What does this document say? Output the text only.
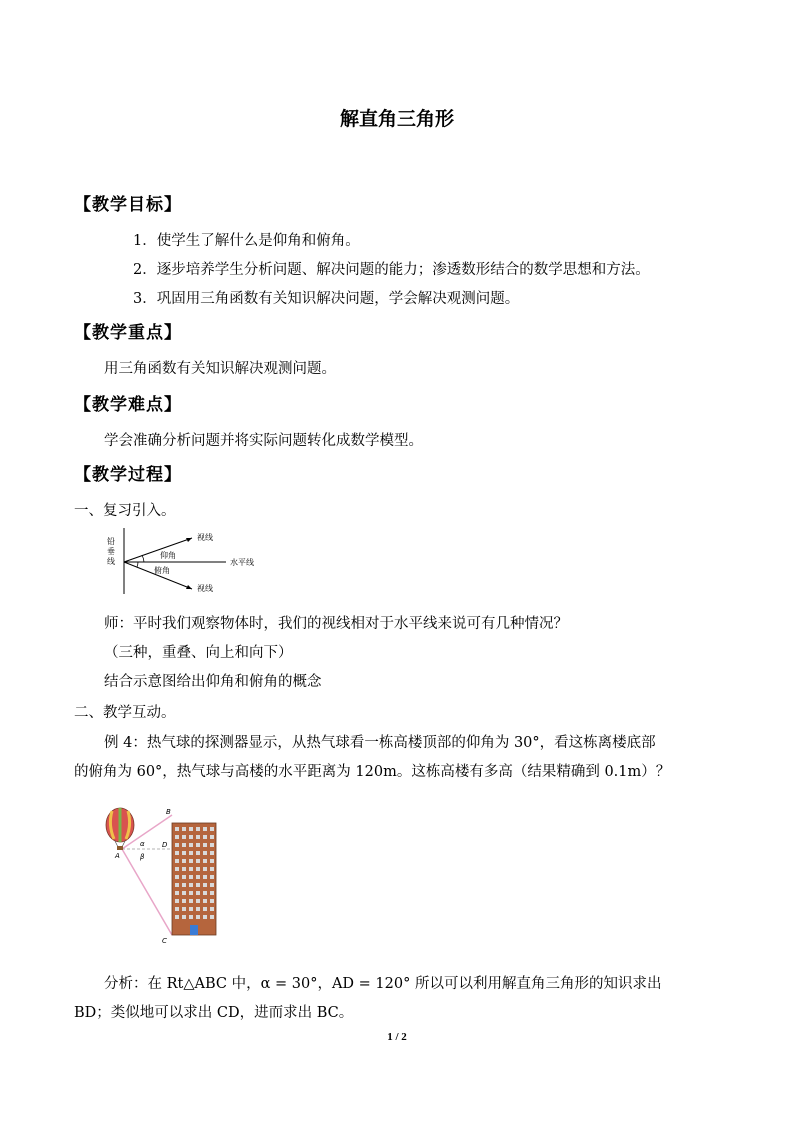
解直角三角形
【教学目标】
1．使学生了解什么是仰角和俯角。
2．逐步培养学生分析问题、解决问题的能力；渗透数形结合的数学思想和方法。
3．巩固用三角函数有关知识解决问题，学会解决观测问题。
【教学重点】
用三角函数有关知识解决观测问题。
【教学难点】
学会准确分析问题并将实际问题转化成数学模型。
【教学过程】
一、复习引入。
铅
垂
线
视线
仰角
水平线
俯角
视线
师：平时我们观察物体时，我们的视线相对于水平线来说可有几种情况？
（三种，重叠、向上和向下）
结合示意图给出仰角和俯角的概念
二、教学互动。
例 4：热气球的探测器显示，从热气球看一栋高楼顶部的仰角为 30°，看这栋离楼底部
的俯角为 60°，热气球与高楼的水平距离为 120m。这栋高楼有多高（结果精确到 0.1m）？
B
A
C
D
α
β
分析：在 Rt△ABC 中，α = 30°，AD = 120° 所以可以利用解直角三角形的知识求出
BD；类似地可以求出 CD，进而求出 BC。
1 / 2
